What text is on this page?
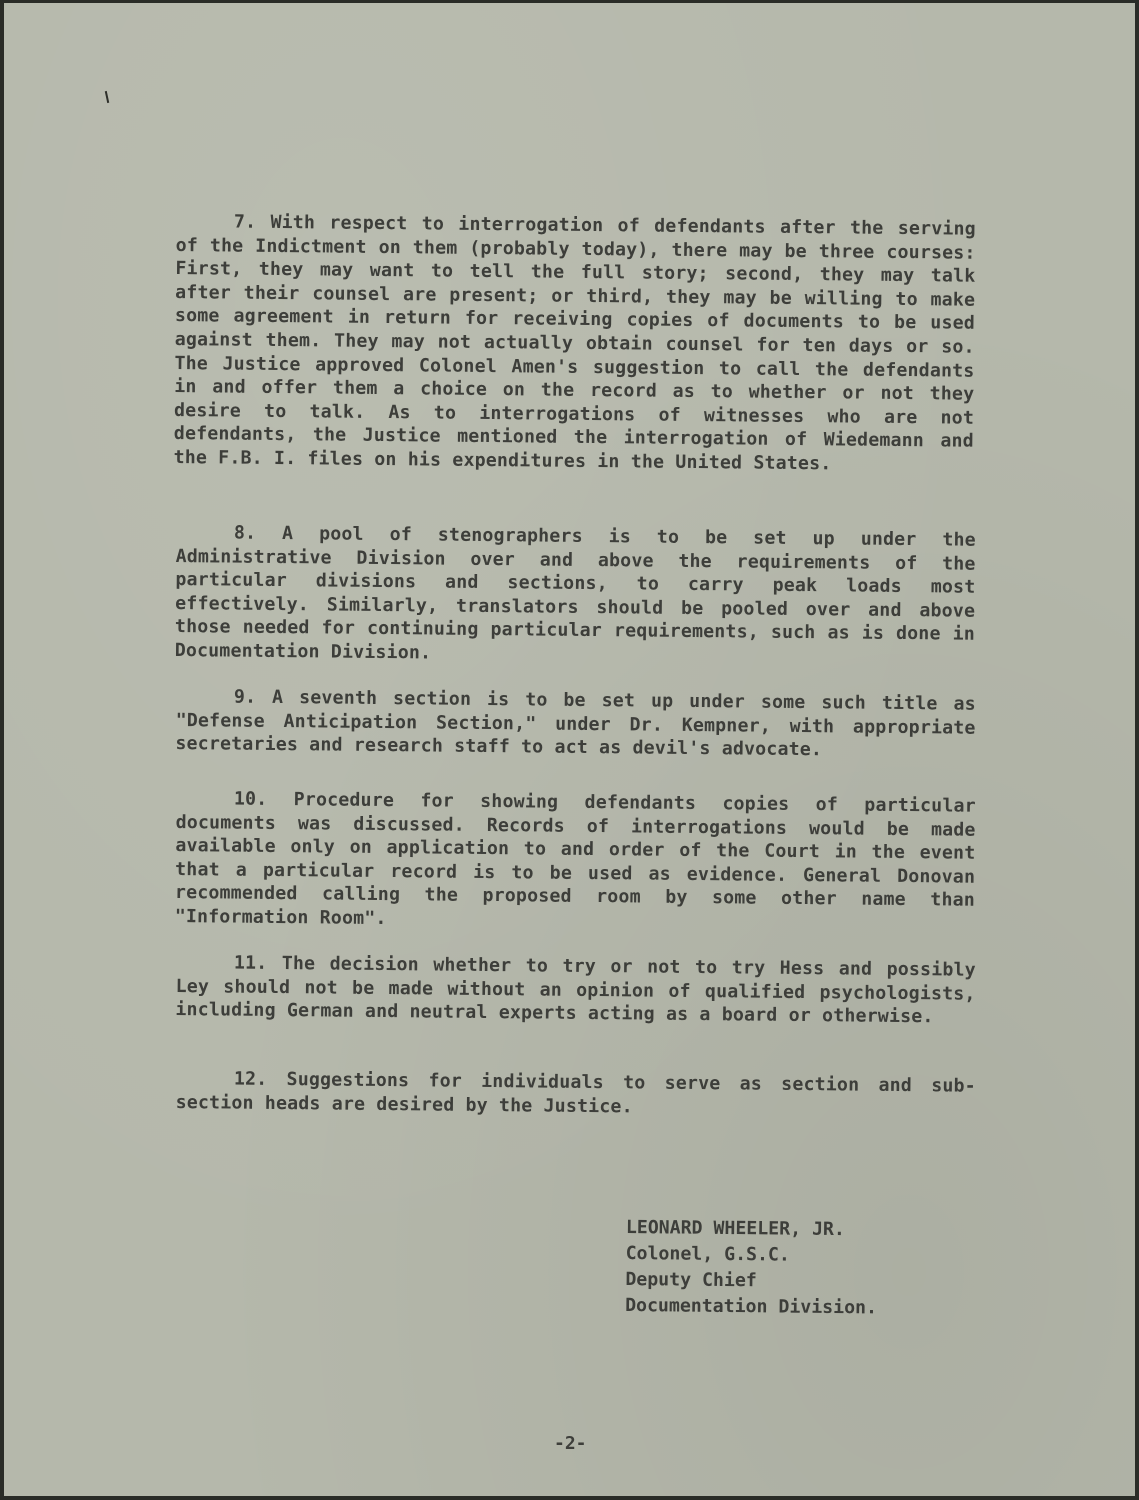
7. With respect to interrogation of defendants after the serving of the Indictment on them (probably today), there may be three courses: First, they may want to tell the full story; second, they may talk after their counsel are present; or third, they may be willing to make some agreement in return for receiving copies of documents to be used against them. They may not actually obtain counsel for ten days or so. The Justice approved Colonel Amen's suggestion to call the defendants in and offer them a choice on the record as to whether or not they desire to talk. As to interrogations of witnesses who are not defendants, the Justice mentioned the interrogation of Wiedemann and the F.B. I. files on his expenditures in the United States.

8. A pool of stenographers is to be set up under the Administrative Division over and above the requirements of the particular divisions and sections, to carry peak loads most effectively. Similarly, translators should be pooled over and above those needed for continuing particular requirements, such as is done in Documentation Division.

9. A seventh section is to be set up under some such title as "Defense Anticipation Section," under Dr. Kempner, with appropriate secretaries and research staff to act as devil's advocate.

10. Procedure for showing defendants copies of particular documents was discussed. Records of interrogations would be made available only on application to and order of the Court in the event that a particular record is to be used as evidence. General Donovan recommended calling the proposed room by some other name than "Information Room".

11. The decision whether to try or not to try Hess and possibly Ley should not be made without an opinion of qualified psychologists, including German and neutral experts acting as a board or otherwise.

12. Suggestions for individuals to serve as section and sub-section heads are desired by the Justice.

LEONARD WHEELER, JR.
Colonel, G.S.C.
Deputy Chief
Documentation Division.
-2-
